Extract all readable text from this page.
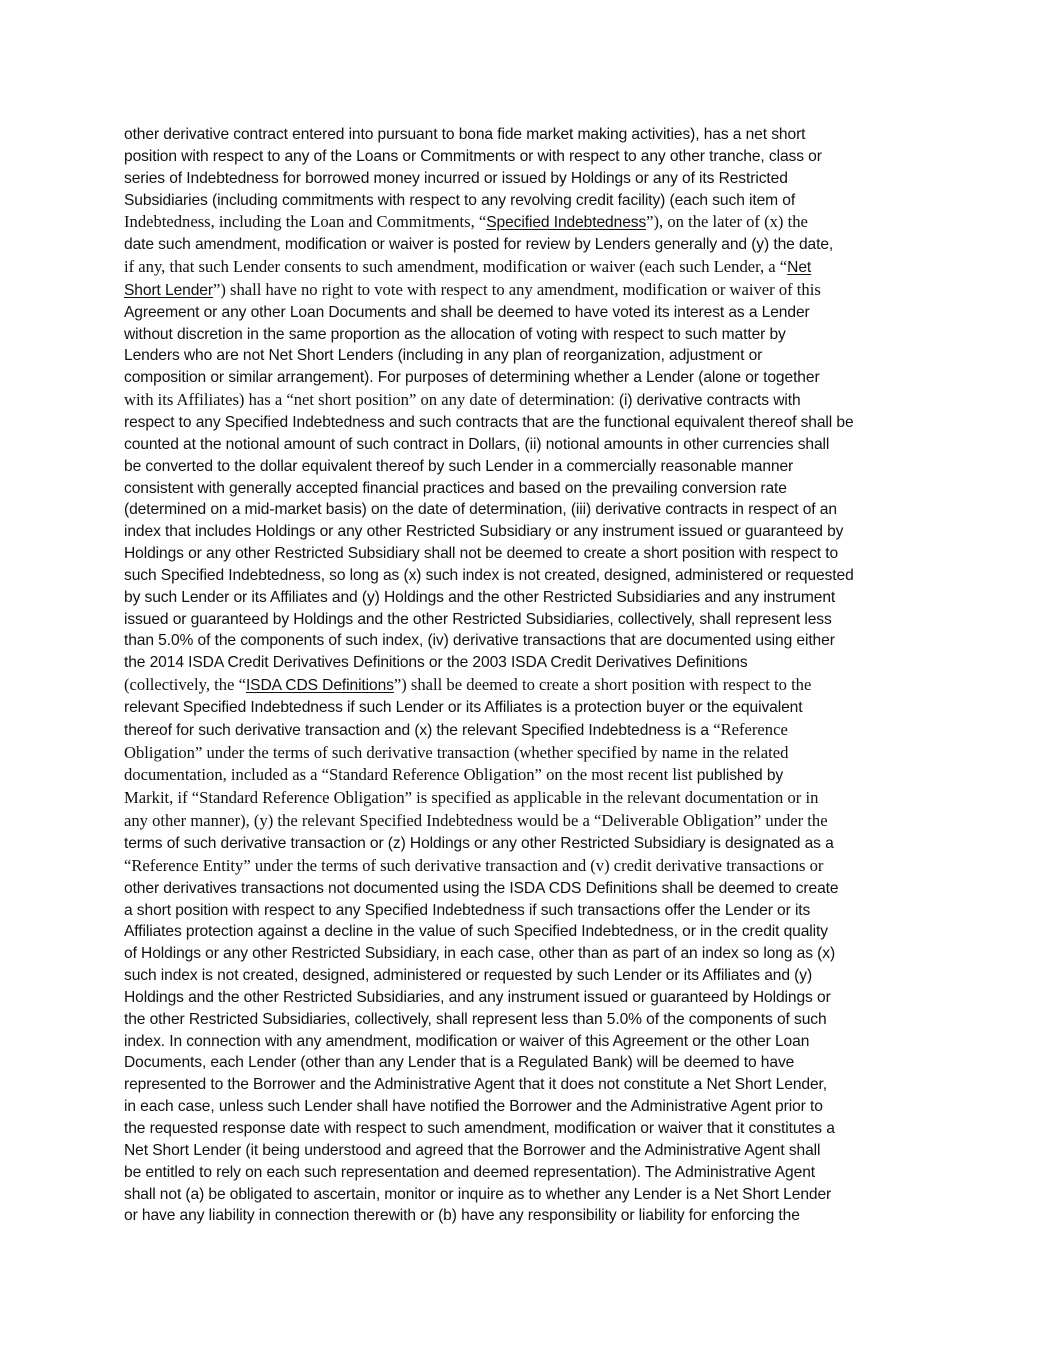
other derivative contract entered into pursuant to bona fide market making activities), has a net short
position with respect to any of the Loans or Commitments or with respect to any other tranche, class or
series of Indebtedness for borrowed money incurred or issued by Holdings or any of its Restricted
Subsidiaries (including commitments with respect to any revolving credit facility) (each such item of
Indebtedness, including the Loan and Commitments, “Specified Indebtedness”), on the later of (x) the
date such amendment, modification or waiver is posted for review by Lenders generally and (y) the date,
if any, that such Lender consents to such amendment, modification or waiver (each such Lender, a “Net
Short Lender”) shall have no right to vote with respect to any amendment, modification or waiver of this
Agreement or any other Loan Documents and shall be deemed to have voted its interest as a Lender
without discretion in the same proportion as the allocation of voting with respect to such matter by
Lenders who are not Net Short Lenders (including in any plan of reorganization, adjustment or
composition or similar arrangement). For purposes of determining whether a Lender (alone or together
with its Affiliates) has a “net short position” on any date of determination: (i) derivative contracts with
respect to any Specified Indebtedness and such contracts that are the functional equivalent thereof shall be
counted at the notional amount of such contract in Dollars, (ii) notional amounts in other currencies shall
be converted to the dollar equivalent thereof by such Lender in a commercially reasonable manner
consistent with generally accepted financial practices and based on the prevailing conversion rate
(determined on a mid-market basis) on the date of determination, (iii) derivative contracts in respect of an
index that includes Holdings or any other Restricted Subsidiary or any instrument issued or guaranteed by
Holdings or any other Restricted Subsidiary shall not be deemed to create a short position with respect to
such Specified Indebtedness, so long as (x) such index is not created, designed, administered or requested
by such Lender or its Affiliates and (y) Holdings and the other Restricted Subsidiaries and any instrument
issued or guaranteed by Holdings and the other Restricted Subsidiaries, collectively, shall represent less
than 5.0% of the components of such index, (iv) derivative transactions that are documented using either
the 2014 ISDA Credit Derivatives Definitions or the 2003 ISDA Credit Derivatives Definitions
(collectively, the “ISDA CDS Definitions”) shall be deemed to create a short position with respect to the
relevant Specified Indebtedness if such Lender or its Affiliates is a protection buyer or the equivalent
thereof for such derivative transaction and (x) the relevant Specified Indebtedness is a “Reference
Obligation” under the terms of such derivative transaction (whether specified by name in the related
documentation, included as a “Standard Reference Obligation” on the most recent list published by
Markit, if “Standard Reference Obligation” is specified as applicable in the relevant documentation or in
any other manner), (y) the relevant Specified Indebtedness would be a “Deliverable Obligation” under the
terms of such derivative transaction or (z) Holdings or any other Restricted Subsidiary is designated as a
“Reference Entity” under the terms of such derivative transaction and (v) credit derivative transactions or
other derivatives transactions not documented using the ISDA CDS Definitions shall be deemed to create
a short position with respect to any Specified Indebtedness if such transactions offer the Lender or its
Affiliates protection against a decline in the value of such Specified Indebtedness, or in the credit quality
of Holdings or any other Restricted Subsidiary, in each case, other than as part of an index so long as (x)
such index is not created, designed, administered or requested by such Lender or its Affiliates and (y)
Holdings and the other Restricted Subsidiaries, and any instrument issued or guaranteed by Holdings or
the other Restricted Subsidiaries, collectively, shall represent less than 5.0% of the components of such
index. In connection with any amendment, modification or waiver of this Agreement or the other Loan
Documents, each Lender (other than any Lender that is a Regulated Bank) will be deemed to have
represented to the Borrower and the Administrative Agent that it does not constitute a Net Short Lender,
in each case, unless such Lender shall have notified the Borrower and the Administrative Agent prior to
the requested response date with respect to such amendment, modification or waiver that it constitutes a
Net Short Lender (it being understood and agreed that the Borrower and the Administrative Agent shall
be entitled to rely on each such representation and deemed representation). The Administrative Agent
shall not (a) be obligated to ascertain, monitor or inquire as to whether any Lender is a Net Short Lender
or have any liability in connection therewith or (b) have any responsibility or liability for enforcing the
